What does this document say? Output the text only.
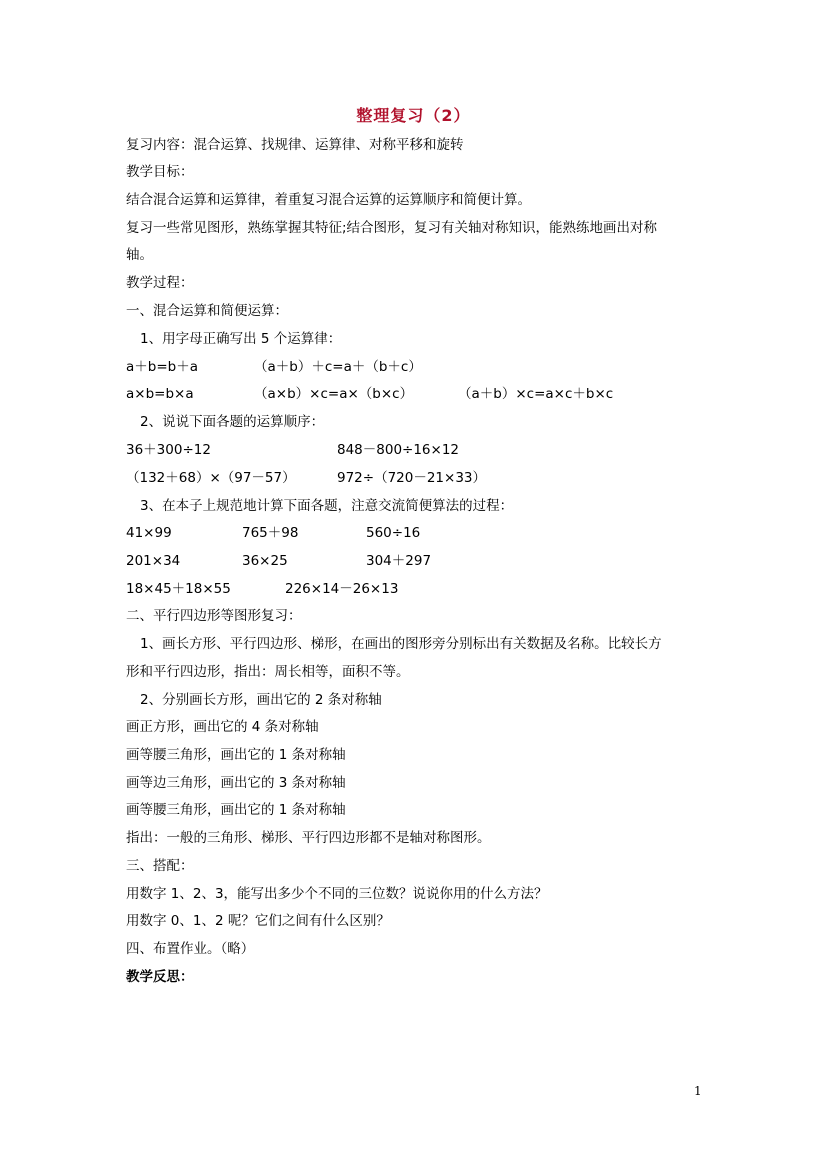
整理复习（2）
复习内容：混合运算、找规律、运算律、对称平移和旋转
教学目标：
结合混合运算和运算律，着重复习混合运算的运算顺序和简便计算。
复习一些常见图形，熟练掌握其特征;结合图形，复习有关轴对称知识，能熟练地画出对称
轴。
教学过程：
一、混合运算和简便运算：
1、用字母正确写出 5 个运算律：
a＋b=b＋a	（a＋b）＋c=a＋（b＋c）
a×b=b×a	（a×b）×c=a×（b×c）	（a＋b）×c=a×c＋b×c
2、说说下面各题的运算顺序：
36＋300÷12	848－800÷16×12
（132＋68）×（97－57）	972÷（720－21×33）
3、在本子上规范地计算下面各题，注意交流简便算法的过程：
41×99	765＋98	560÷16
201×34	36×25	304＋297
18×45＋18×55	226×14－26×13
二、平行四边形等图形复习：
1、画长方形、平行四边形、梯形，在画出的图形旁分别标出有关数据及名称。比较长方
形和平行四边形，指出：周长相等，面积不等。
2、分别画长方形，画出它的 2 条对称轴
画正方形，画出它的 4 条对称轴
画等腰三角形，画出它的 1 条对称轴
画等边三角形，画出它的 3 条对称轴
画等腰三角形，画出它的 1 条对称轴
指出：一般的三角形、梯形、平行四边形都不是轴对称图形。
三、搭配：
用数字 1、2、3，能写出多少个不同的三位数？说说你用的什么方法？
用数字 0、1、2 呢？它们之间有什么区别？
四、布置作业。（略）
教学反思：
1
